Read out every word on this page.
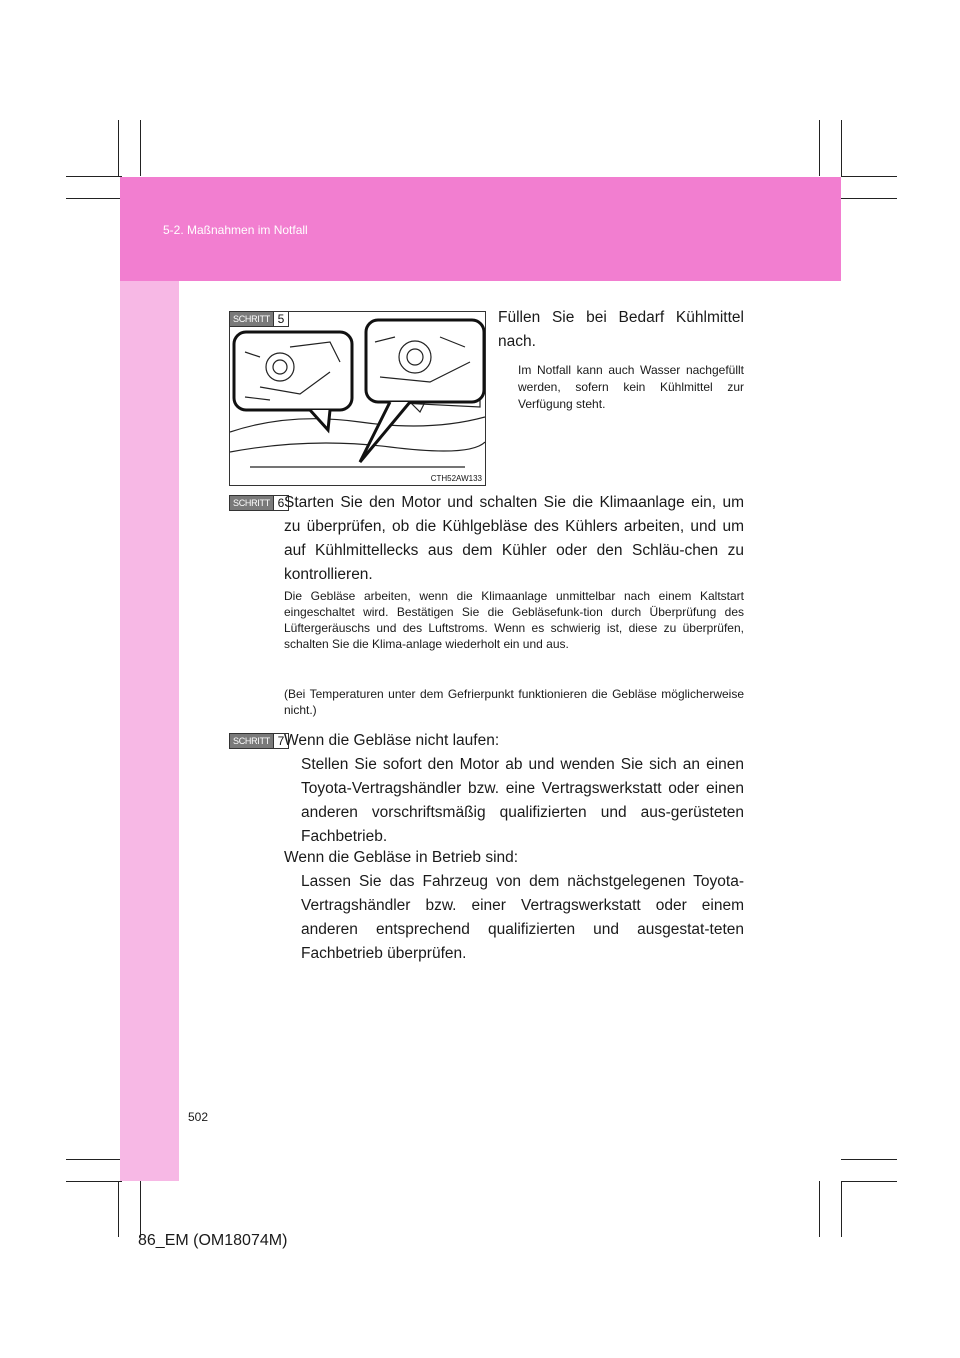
5-2. Maßnahmen im Notfall
CTH52AW133
SCHRITT 5	Füllen Sie bei Bedarf Kühlmittel nach.

Im Notfall kann auch Wasser nachgefüllt werden, sofern kein Kühlmittel zur Verfügung steht.

SCHRITT 6 Starten Sie den Motor und schalten Sie die Klimaanlage ein, um zu überprüfen, ob die Kühlgebläse des Kühlers arbeiten, und um auf Kühlmittellecks aus dem Kühler oder den Schläu-chen zu kontrollieren.

Die Gebläse arbeiten, wenn die Klimaanlage unmittelbar nach einem Kaltstart eingeschaltet wird. Bestätigen Sie die Gebläsefunk-tion durch Überprüfung des Lüftergeräuschs und des Luftstroms. Wenn es schwierig ist, diese zu überprüfen, schalten Sie die Klima-anlage wiederholt ein und aus.

(Bei Temperaturen unter dem Gefrierpunkt funktionieren die Gebläse möglicherweise nicht.)

SCHRITT 7 Wenn die Gebläse nicht laufen:

Stellen Sie sofort den Motor ab und wenden Sie sich an einen Toyota-Vertragshändler bzw. eine Vertragswerkstatt oder einen anderen vorschriftsmäßig qualifizierten und aus-gerüsteten Fachbetrieb.

Wenn die Gebläse in Betrieb sind:

Lassen Sie das Fahrzeug von dem nächstgelegenen Toyota-Vertragshändler bzw. einer Vertragswerkstatt oder einem anderen entsprechend qualifizierten und ausgestat-teten Fachbetrieb überprüfen.

502
86_EM (OM18074M)
